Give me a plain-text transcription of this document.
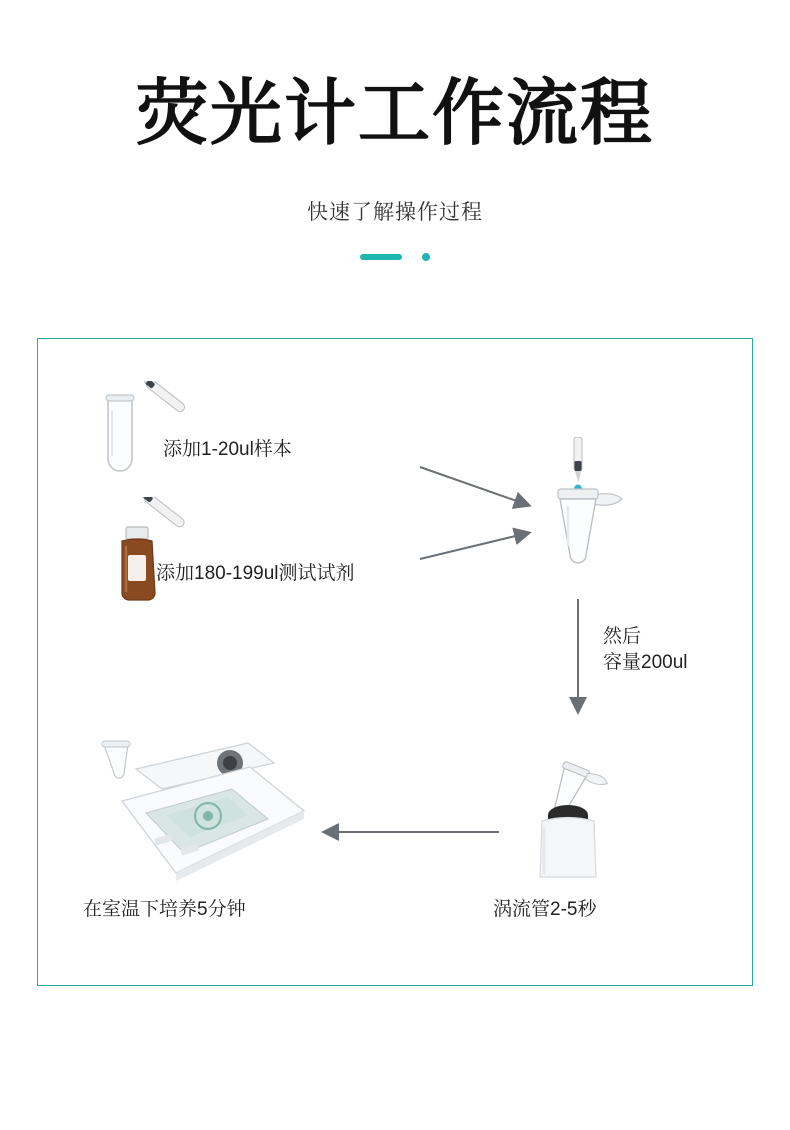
荧光计工作流程

快速了解操作过程

添加1-20ul样本
添加180-199ul测试试剂
然后
容量200ul
涡流管2-5秒
在室温下培养5分钟
